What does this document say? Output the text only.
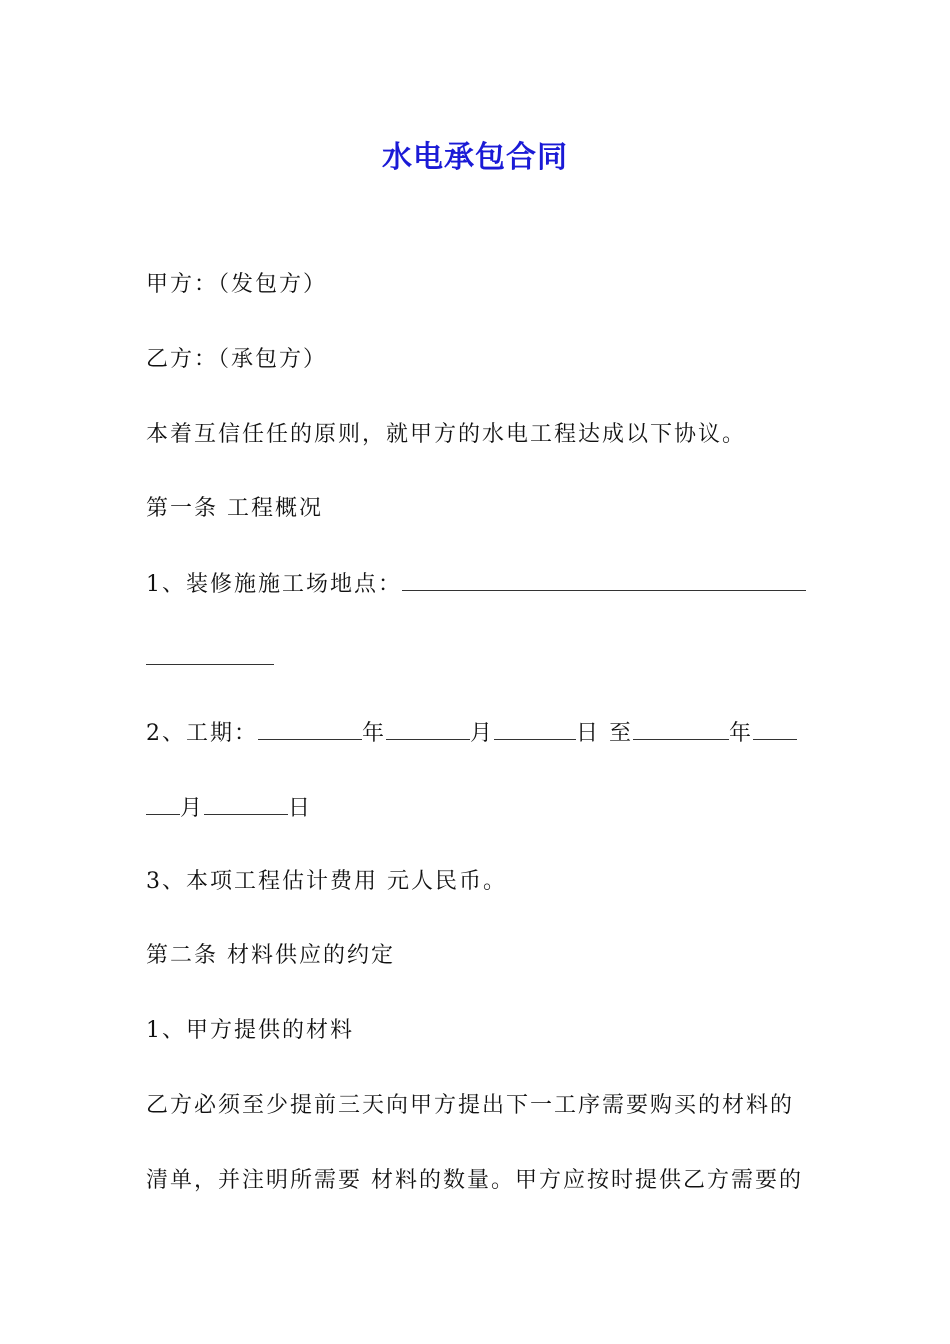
水电承包合同
甲方：（发包方）
乙方：（承包方）
本着互信任任的原则，就甲方的水电工程达成以下协议。
第一条 工程概况
1、装修施施工场地点：
2、工期：	年	月	日 至	年
月	日
3、本项工程估计费用 元人民币。
第二条 材料供应的约定
1、甲方提供的材料
乙方必须至少提前三天向甲方提出下一工序需要购买的材料的
清单，并注明所需要 材料的数量。甲方应按时提供乙方需要的
